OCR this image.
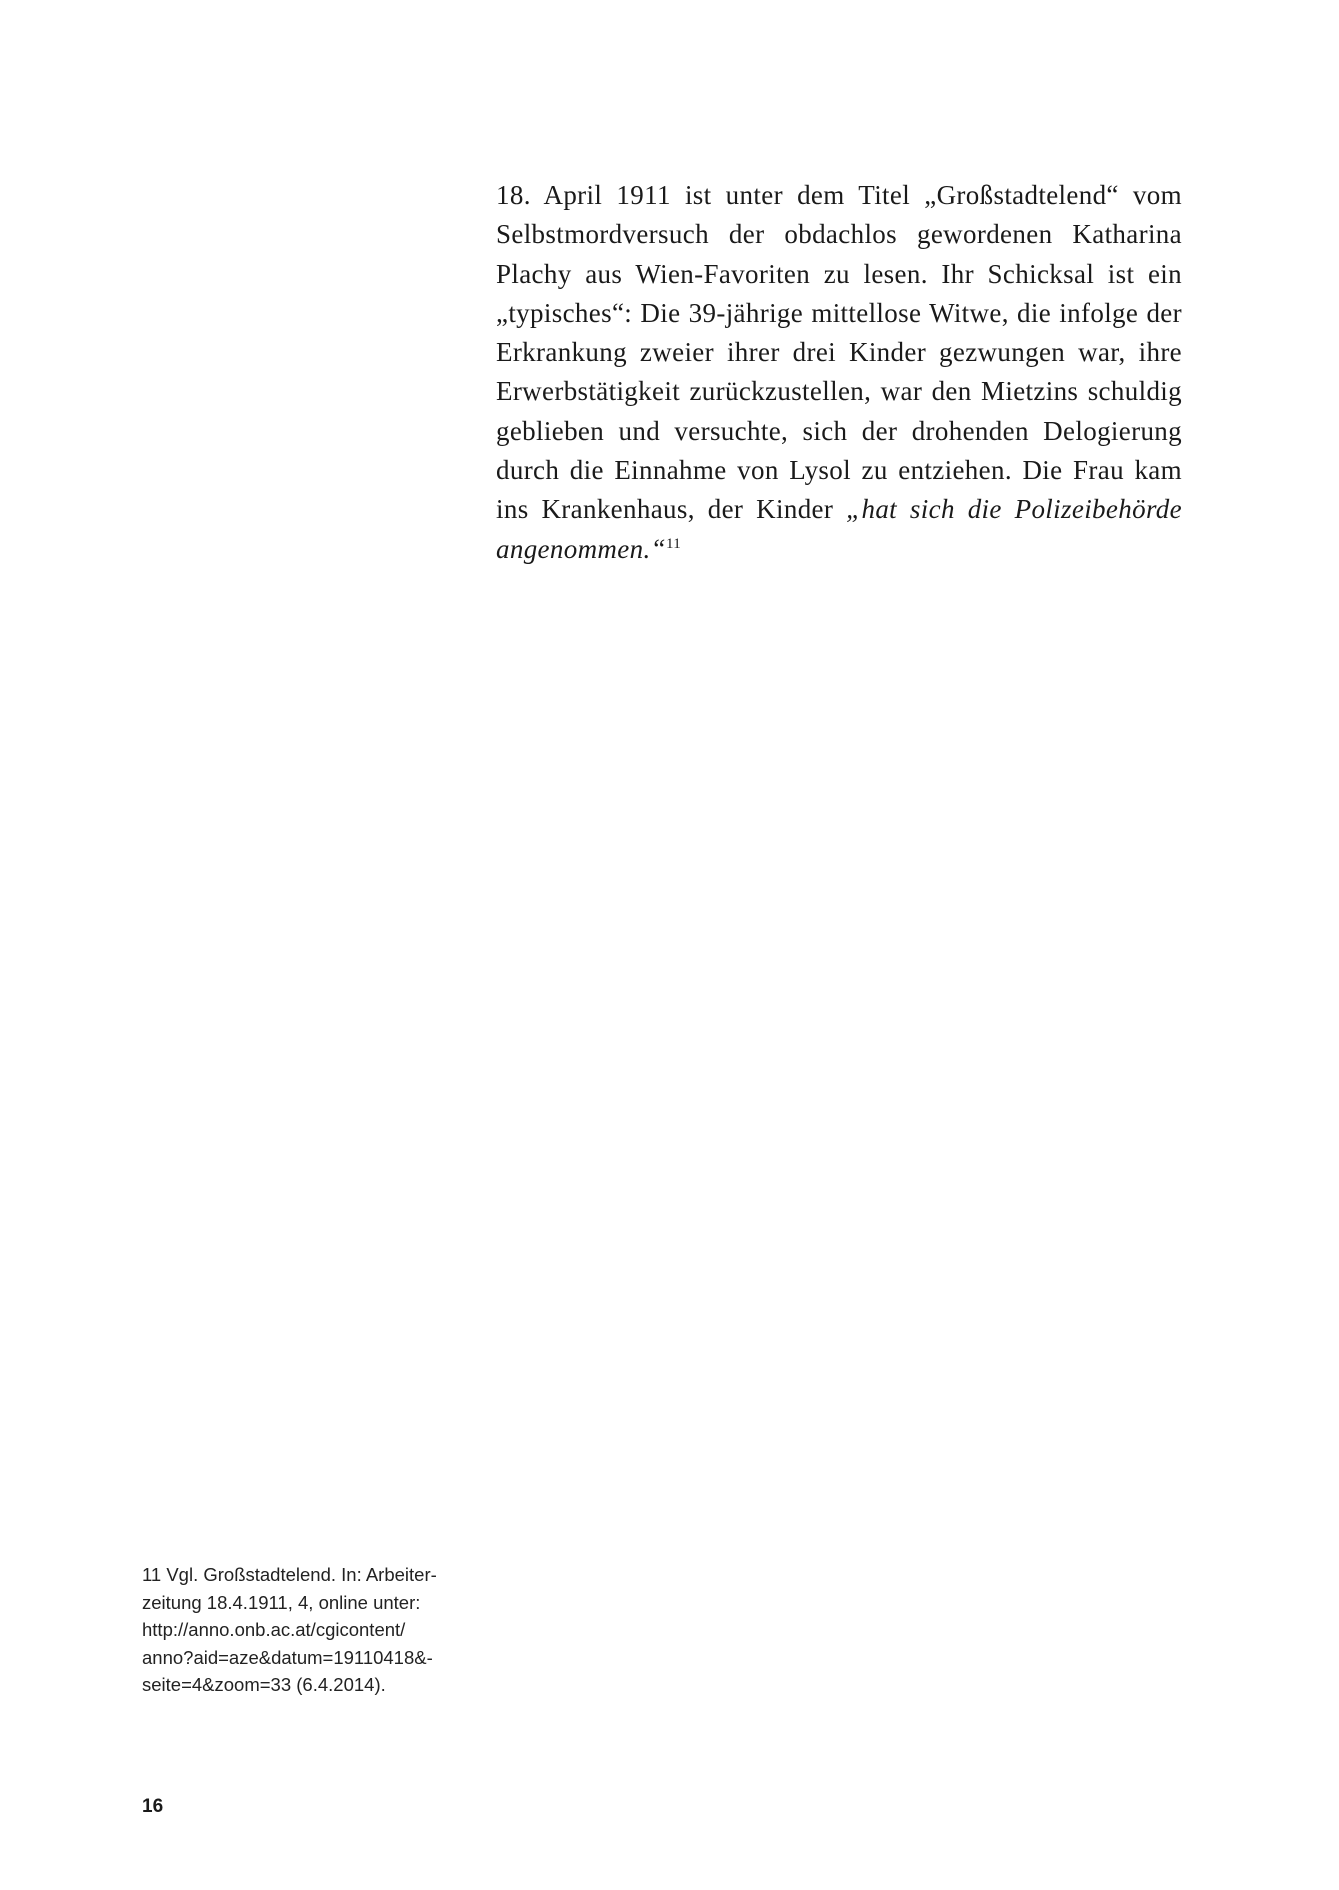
18. April 1911 ist unter dem Titel „Großstadtelend“ vom Selbstmordversuch der obdachlos gewordenen Katharina Plachy aus Wien-Favoriten zu lesen. Ihr Schicksal ist ein „typisches“: Die 39-jährige mittellose Witwe, die infolge der Erkrankung zweier ihrer drei Kinder gezwungen war, ihre Erwerbstätigkeit zurückzustellen, war den Mietzins schuldig geblieben und versuchte, sich der drohenden Delogierung durch die Einnahme von Lysol zu entziehen. Die Frau kam ins Krankenhaus, der Kinder „hat sich die Polizeibehörde angenommen.“$^{11}$

11 Vgl. Großstadtelend. In: Arbeiter-
zeitung 18.4.1911, 4, online unter:
http://anno.onb.ac.at/cgicontent/
anno?aid=aze&datum=19110418&-
seite=4&zoom=33 (6.4.2014).

16
